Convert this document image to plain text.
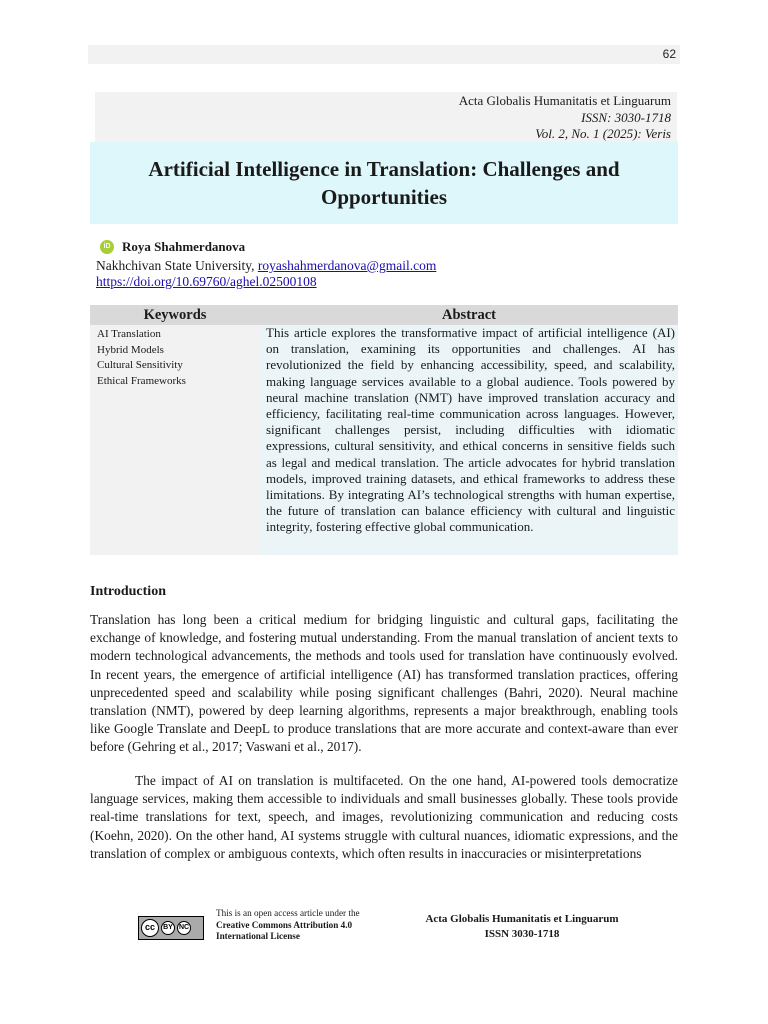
62
Acta Globalis Humanitatis et Linguarum
ISSN: 3030-1718
Vol. 2, No. 1 (2025): Veris
Artificial Intelligence in Translation: Challenges and Opportunities
iD Roya Shahmerdanova
Nakhchivan State University, royashahmerdanova@gmail.com
https://doi.org/10.69760/aghel.02500108
Keywords	Abstract
AI Translation
Hybrid Models
Cultural Sensitivity
Ethical Frameworks

This article explores the transformative impact of artificial intelligence (AI) on translation, examining its opportunities and challenges. AI has revolutionized the field by enhancing accessibility, speed, and scalability, making language services available to a global audience. Tools powered by neural machine translation (NMT) have improved translation accuracy and efficiency, facilitating real-time communication across languages. However, significant challenges persist, including difficulties with idiomatic expressions, cultural sensitivity, and ethical concerns in sensitive fields such as legal and medical translation. The article advocates for hybrid translation models, improved training datasets, and ethical frameworks to address these limitations. By integrating AI’s technological strengths with human expertise, the future of translation can balance efficiency with cultural and linguistic integrity, fostering effective global communication.

Introduction

Translation has long been a critical medium for bridging linguistic and cultural gaps, facilitating the exchange of knowledge, and fostering mutual understanding. From the manual translation of ancient texts to modern technological advancements, the methods and tools used for translation have continuously evolved. In recent years, the emergence of artificial intelligence (AI) has transformed translation practices, offering unprecedented speed and scalability while posing significant challenges (Bahri, 2020). Neural machine translation (NMT), powered by deep learning algorithms, represents a major breakthrough, enabling tools like Google Translate and DeepL to produce translations that are more accurate and context-aware than ever before (Gehring et al., 2017; Vaswani et al., 2017).

The impact of AI on translation is multifaceted. On the one hand, AI-powered tools democratize language services, making them accessible to individuals and small businesses globally. These tools provide real-time translations for text, speech, and images, revolutionizing communication and reducing costs (Koehn, 2020). On the other hand, AI systems struggle with cultural nuances, idiomatic expressions, and the translation of complex or ambiguous contexts, which often results in inaccuracies or misinterpretations

cc	BY NC
This is an open access article under the
Creative Commons Attribution 4.0
International License
Acta Globalis Humanitatis et Linguarum
ISSN 3030-1718
